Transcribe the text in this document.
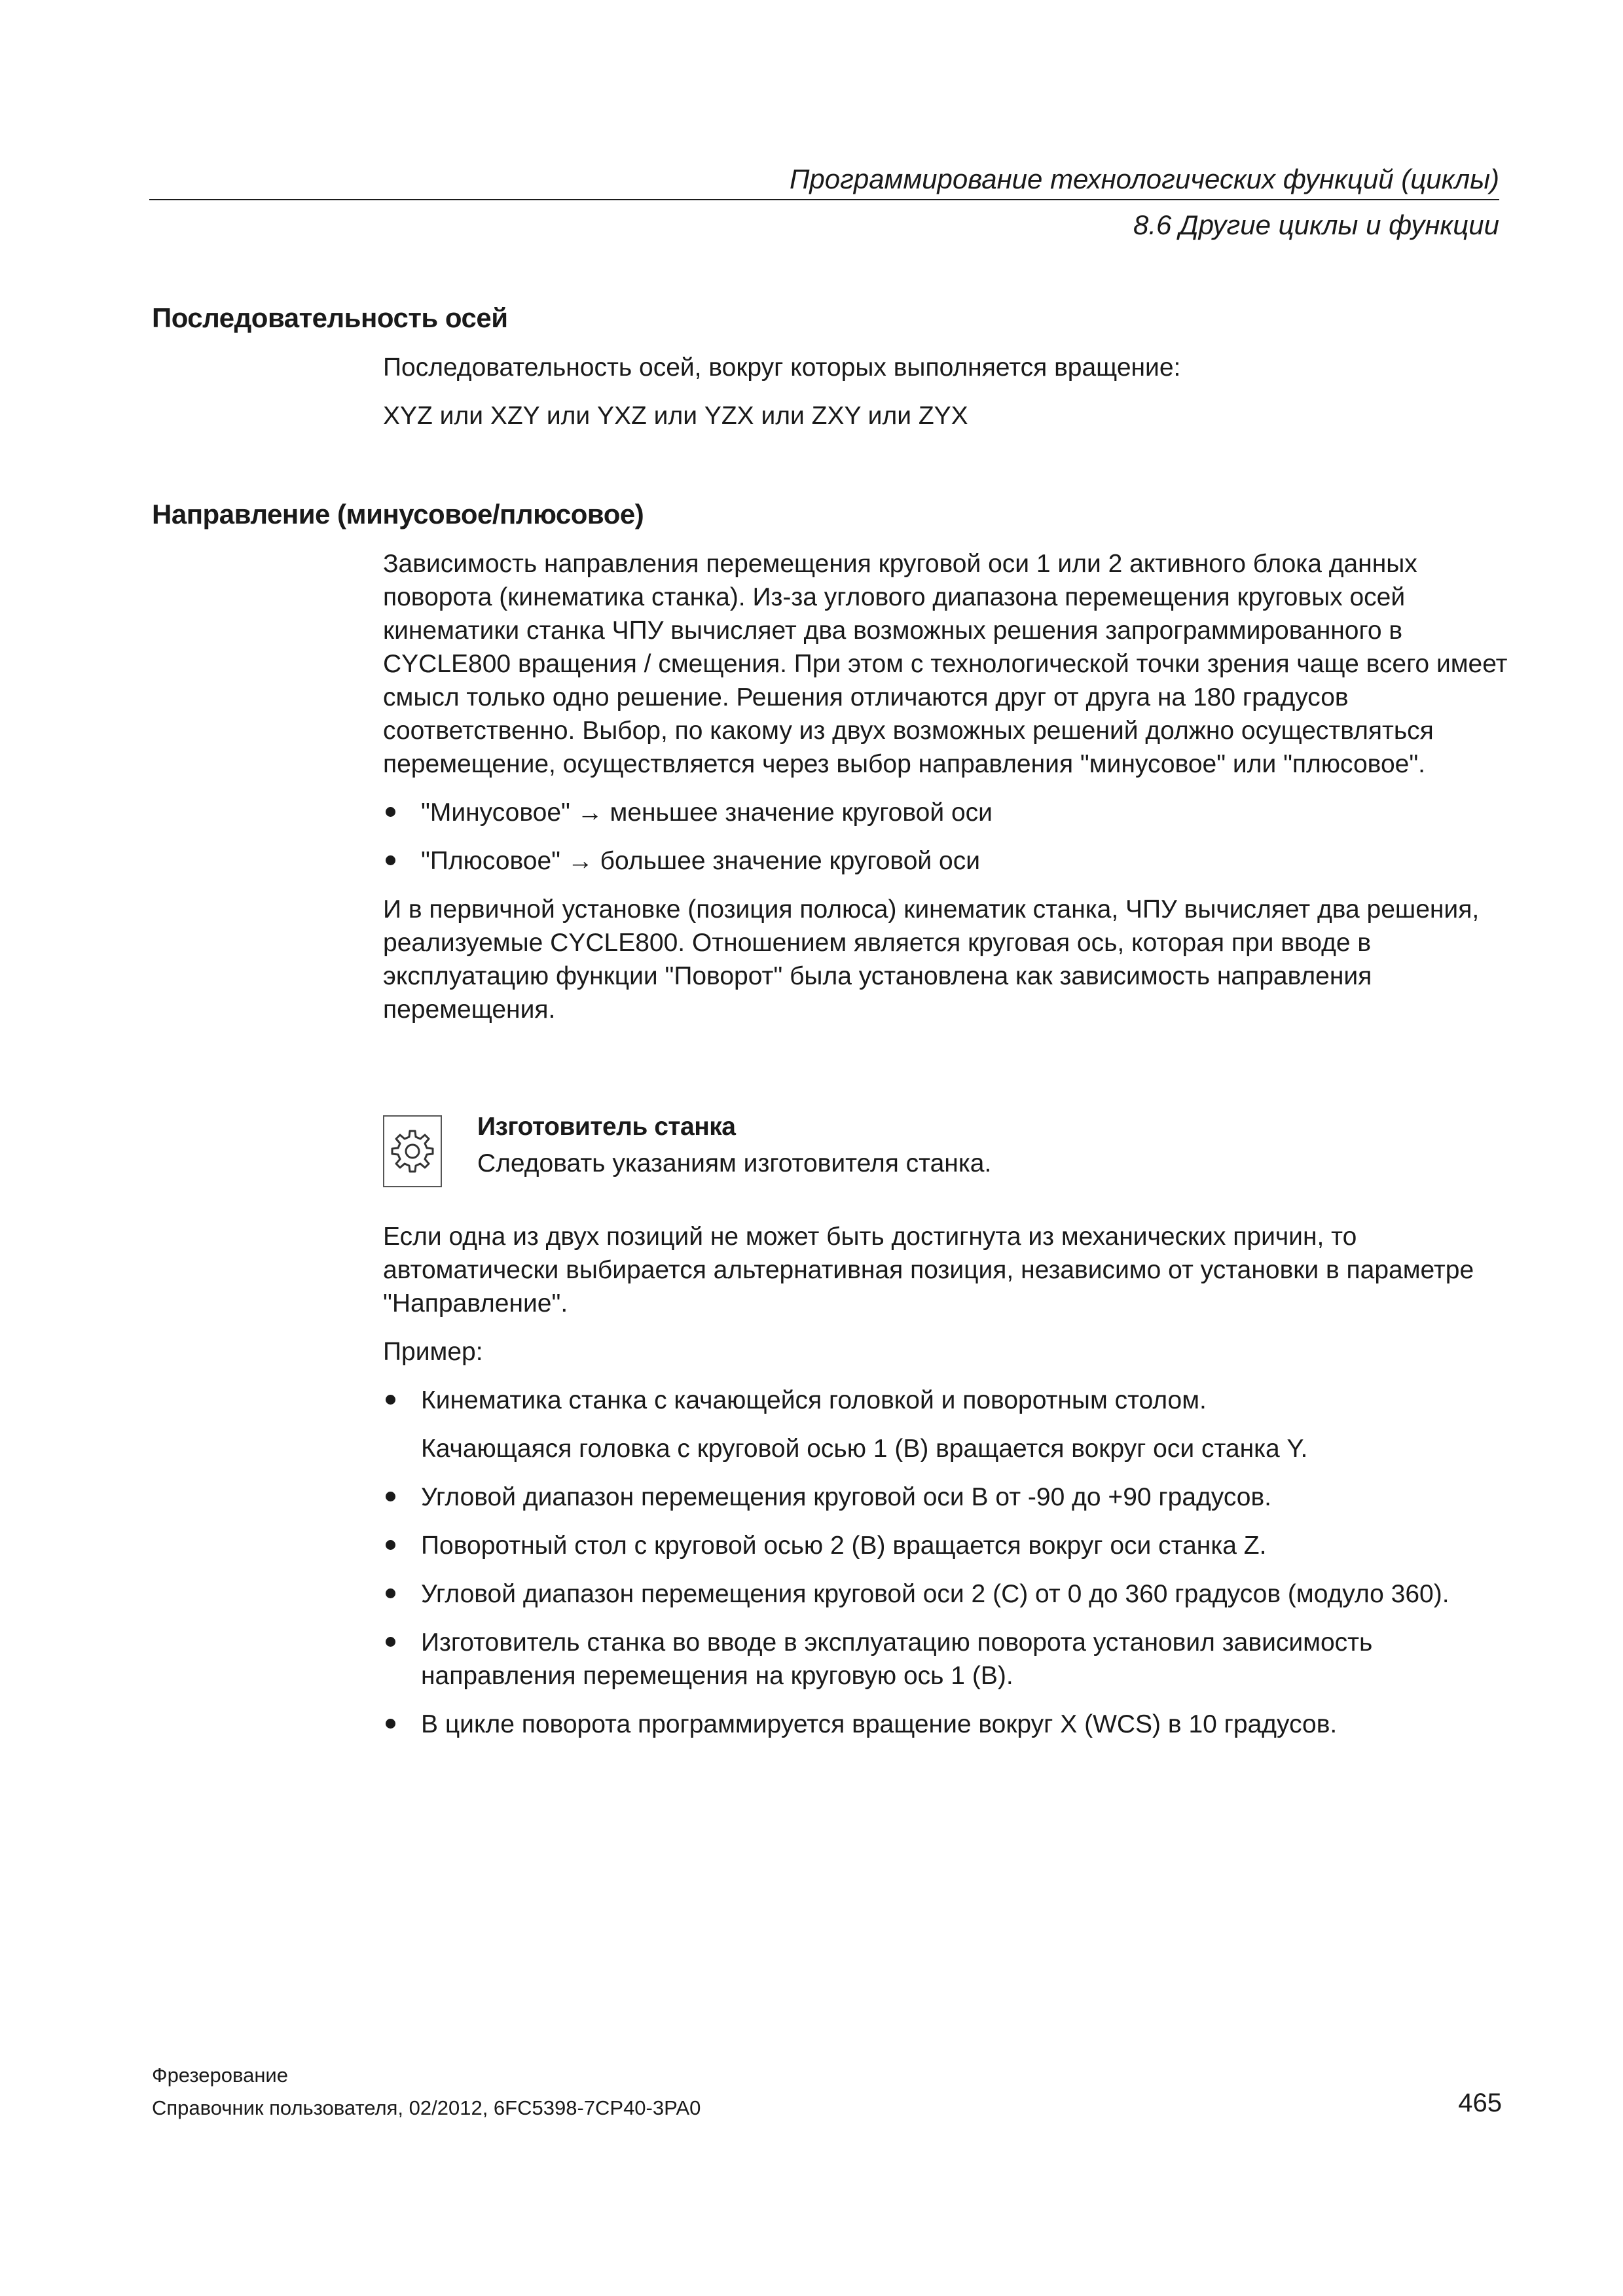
Программирование технологических функций (циклы)
8.6 Другие циклы и функции
Последовательность осей

Последовательность осей, вокруг которых выполняется вращение:

XYZ или XZY или YXZ или YZX или ZXY или ZYX

Направление (минусовое/плюсовое)

Зависимость направления перемещения круговой оси 1 или 2 активного блока данных поворота (кинематика станка). Из-за углового диапазона перемещения круговых осей кинематики станка ЧПУ вычисляет два возможных решения запрограммированного в CYCLE800 вращения / смещения. При этом с технологической точки зрения чаще всего имеет смысл только одно решение. Решения отличаются друг от друга на 180 градусов соответственно. Выбор, по какому из двух возможных решений должно осуществляться перемещение, осуществляется через выбор направления "минусовое" или "плюсовое".

"Минусовое" → меньшее значение круговой оси
"Плюсовое" → большее значение круговой оси

И в первичной установке (позиция полюса) кинематик станка, ЧПУ вычисляет два решения, реализуемые CYCLE800. Отношением является круговая ось, которая при вводе в эксплуатацию функции "Поворот" была установлена как зависимость направления перемещения.

Изготовитель станка
Следовать указаниям изготовителя станка.

Если одна из двух позиций не может быть достигнута из механических причин, то автоматически выбирается альтернативная позиция, независимо от установки в параметре "Направление".

Пример:

Кинематика станка с качающейся головкой и поворотным столом.

Качающаяся головка с круговой осью 1 (B) вращается вокруг оси станка Y.

Угловой диапазон перемещения круговой оси B от -90 до +90 градусов.
Поворотный стол с круговой осью 2 (B) вращается вокруг оси станка Z.
Угловой диапазон перемещения круговой оси 2 (C) от 0 до 360 градусов (модуло 360).
Изготовитель станка во вводе в эксплуатацию поворота установил зависимость направления перемещения на круговую ось 1 (B).
В цикле поворота программируется вращение вокруг X (WCS) в 10 градусов.
Фрезерование
Справочник пользователя, 02/2012, 6FC5398-7CP40-3PA0	465
